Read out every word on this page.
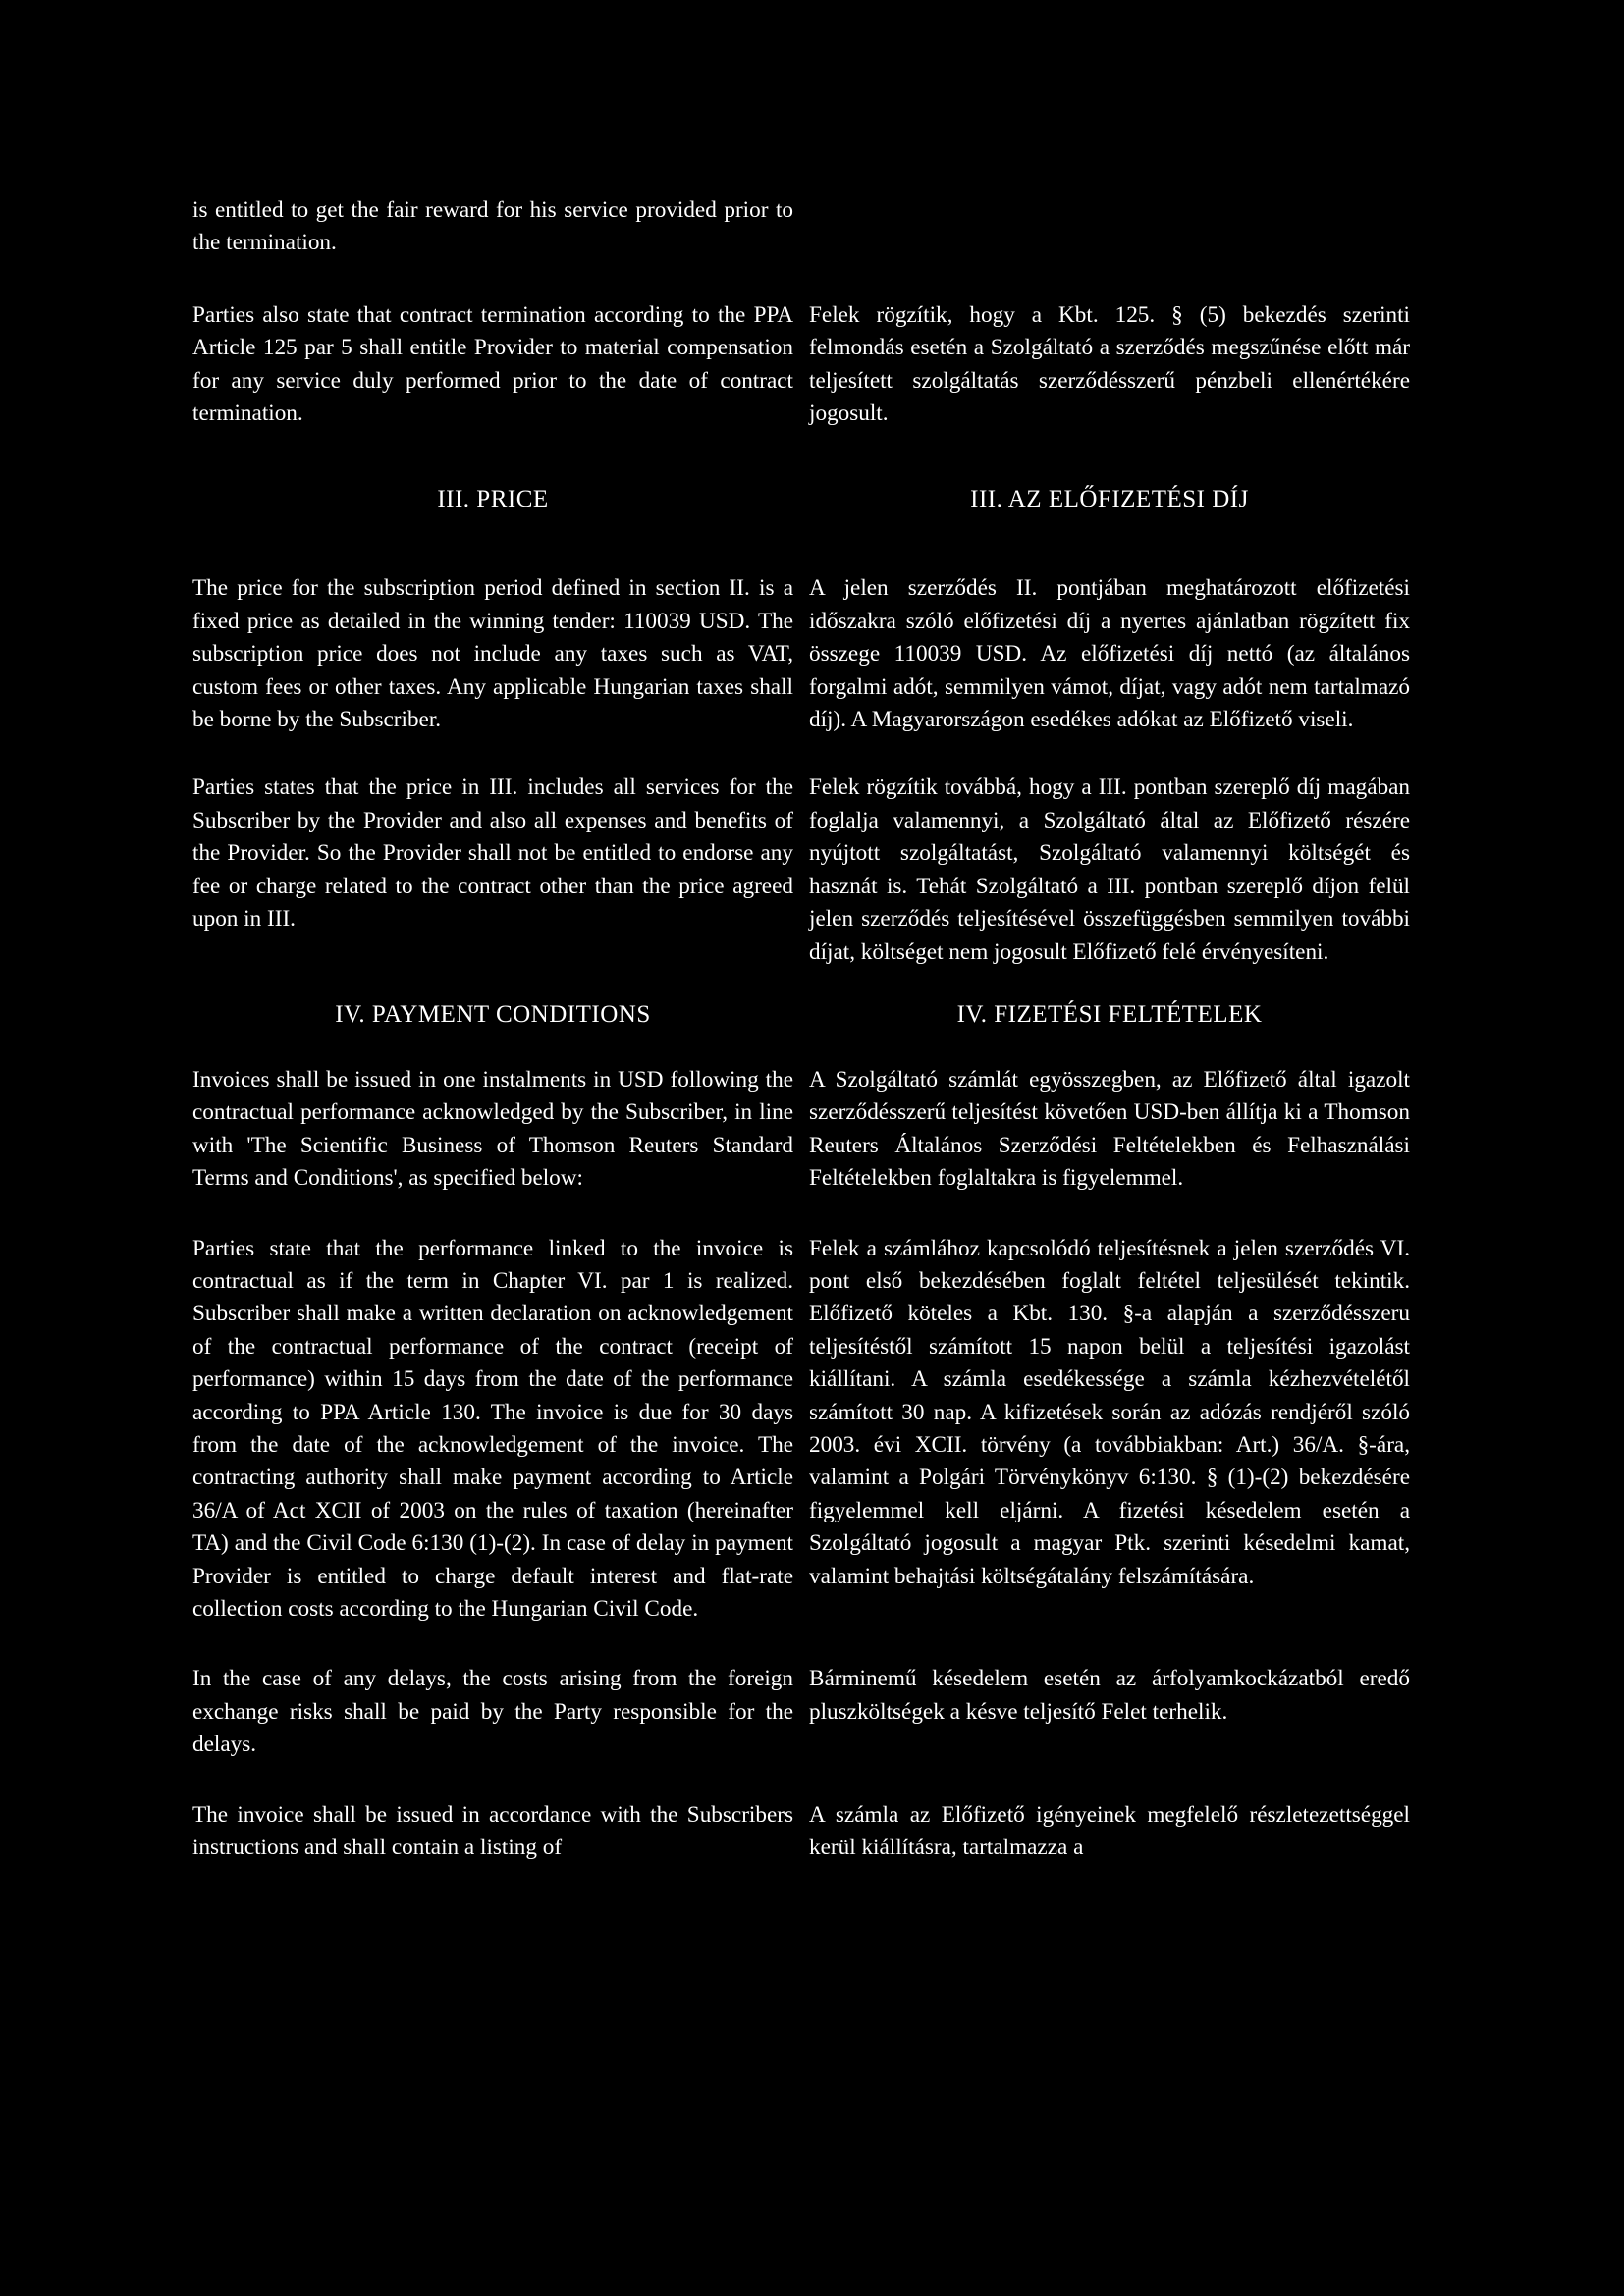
is entitled to get the fair reward for his service provided prior to the termination.

Parties also state that contract termination according to the PPA Article 125 par 5 shall entitle Provider to material compensation for any service duly performed prior to the date of contract termination.

Felek rögzítik, hogy a Kbt. 125. § (5) bekezdés szerinti felmondás esetén a Szolgáltató a szerződés megszűnése előtt már teljesített szolgáltatás szerződésszerű pénzbeli ellenértékére jogosult.

III. PRICE	III. AZ ELŐFIZETÉSI DÍJ

The price for the subscription period defined in section II. is a fixed price as detailed in the winning tender: 110039 USD. The subscription price does not include any taxes such as VAT, custom fees or other taxes. Any applicable Hungarian taxes shall be borne by the Subscriber.

A jelen szerződés II. pontjában meghatározott előfizetési időszakra szóló előfizetési díj a nyertes ajánlatban rögzített fix összege 110039 USD. Az előfizetési díj nettó (az általános forgalmi adót, semmilyen vámot, díjat, vagy adót nem tartalmazó díj). A Magyarországon esedékes adókat az Előfizető viseli.

Parties states that the price in III. includes all services for the Subscriber by the Provider and also all expenses and benefits of the Provider. So the Provider shall not be entitled to endorse any fee or charge related to the contract other than the price agreed upon in III.

Felek rögzítik továbbá, hogy a III. pontban szereplő díj magában foglalja valamennyi, a Szolgáltató által az Előfizető részére nyújtott szolgáltatást, Szolgáltató valamennyi költségét és hasznát is. Tehát Szolgáltató a III. pontban szereplő díjon felül jelen szerződés teljesítésével összefüggésben semmilyen további díjat, költséget nem jogosult Előfizető felé érvényesíteni.

IV. PAYMENT CONDITIONS	IV. FIZETÉSI FELTÉTELEK

Invoices shall be issued in one instalments in USD following the contractual performance acknowledged by the Subscriber, in line with 'The Scientific Business of Thomson Reuters Standard Terms and Conditions', as specified below:

A Szolgáltató számlát egyösszegben, az Előfizető által igazolt szerződésszerű teljesítést követően USD-ben állítja ki a Thomson Reuters Általános Szerződési Feltételekben és Felhasználási Feltételekben foglaltakra is figyelemmel.

Parties state that the performance linked to the invoice is contractual as if the term in Chapter VI. par 1 is realized. Subscriber shall make a written declaration on acknowledgement of the contractual performance of the contract (receipt of performance) within 15 days from the date of the performance according to PPA Article 130. The invoice is due for 30 days from the date of the acknowledgement of the invoice. The contracting authority shall make payment according to Article 36/A of Act XCII of 2003 on the rules of taxation (hereinafter TA) and the Civil Code 6:130 (1)-(2). In case of delay in payment Provider is entitled to charge default interest and flat-rate collection costs according to the Hungarian Civil Code.

Felek a számlához kapcsolódó teljesítésnek a jelen szerződés VI. pont első bekezdésében foglalt feltétel teljesülését tekintik. Előfizető köteles a Kbt. 130. §-a alapján a szerződésszeru teljesítéstől számított 15 napon belül a teljesítési igazolást kiállítani. A számla esedékessége a számla kézhezvételétől számított 30 nap. A kifizetések során az adózás rendjéről szóló 2003. évi XCII. törvény (a továbbiakban: Art.) 36/A. §-ára, valamint a Polgári Törvénykönyv 6:130. § (1)-(2) bekezdésére figyelemmel kell eljárni. A fizetési késedelem esetén a Szolgáltató jogosult a magyar Ptk. szerinti késedelmi kamat, valamint behajtási költségátalány felszámítására.

In the case of any delays, the costs arising from the foreign exchange risks shall be paid by the Party responsible for the delays.

Bárminemű késedelem esetén az árfolyamkockázatból eredő pluszköltségek a késve teljesítő Felet terhelik.

The invoice shall be issued in accordance with the Subscribers instructions and shall contain a listing of

A számla az Előfizető igényeinek megfelelő részletezettséggel kerül kiállításra, tartalmazza a
